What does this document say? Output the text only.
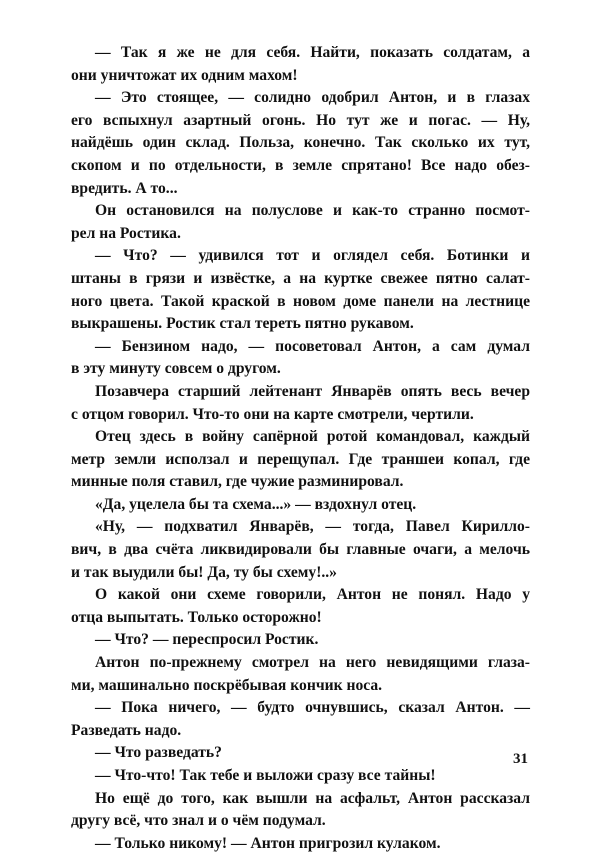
— Так я же не для себя. Найти, показать солдатам, а
они уничтожат их одним махом!
— Это стоящее, — солидно одобрил Антон, и в глазах
его вспыхнул азартный огонь. Но тут же и погас. — Ну,
найдёшь один склад. Польза, конечно. Так сколько их тут,
скопом и по отдельности, в земле спрятано! Все надо обез-
вредить. А то...
Он остановился на полуслове и как-то странно посмот-
рел на Ростика.
— Что? — удивился тот и оглядел себя. Ботинки и
штаны в грязи и извёстке, а на куртке свежее пятно салат-
ного цвета. Такой краской в новом доме панели на лестнице
выкрашены. Ростик стал тереть пятно рукавом.
— Бензином надо, — посоветовал Антон, а сам думал
в эту минуту совсем о другом.
Позавчера старший лейтенант Январёв опять весь вечер
с отцом говорил. Что-то они на карте смотрели, чертили.
Отец здесь в войну сапёрной ротой командовал, каждый
метр земли исползал и перещупал. Где траншеи копал, где
минные поля ставил, где чужие разминировал.
«Да, уцелела бы та схема...» — вздохнул отец.
«Ну, — подхватил Январёв, — тогда, Павел Кирилло-
вич, в два счёта ликвидировали бы главные очаги, а мелочь
и так выудили бы! Да, ту бы схему!..»
О какой они схеме говорили, Антон не понял. Надо у
отца выпытать. Только осторожно!
— Что? — переспросил Ростик.
Антон по-прежнему смотрел на него невидящими глаза-
ми, машинально поскрёбывая кончик носа.
— Пока ничего, — будто очнувшись, сказал Антон. —
Разведать надо.
— Что разведать?
— Что-что! Так тебе и выложи сразу все тайны!
Но ещё до того, как вышли на асфальт, Антон рассказал
другу всё, что знал и о чём подумал.
— Только никому! — Антон пригрозил кулаком.
31
